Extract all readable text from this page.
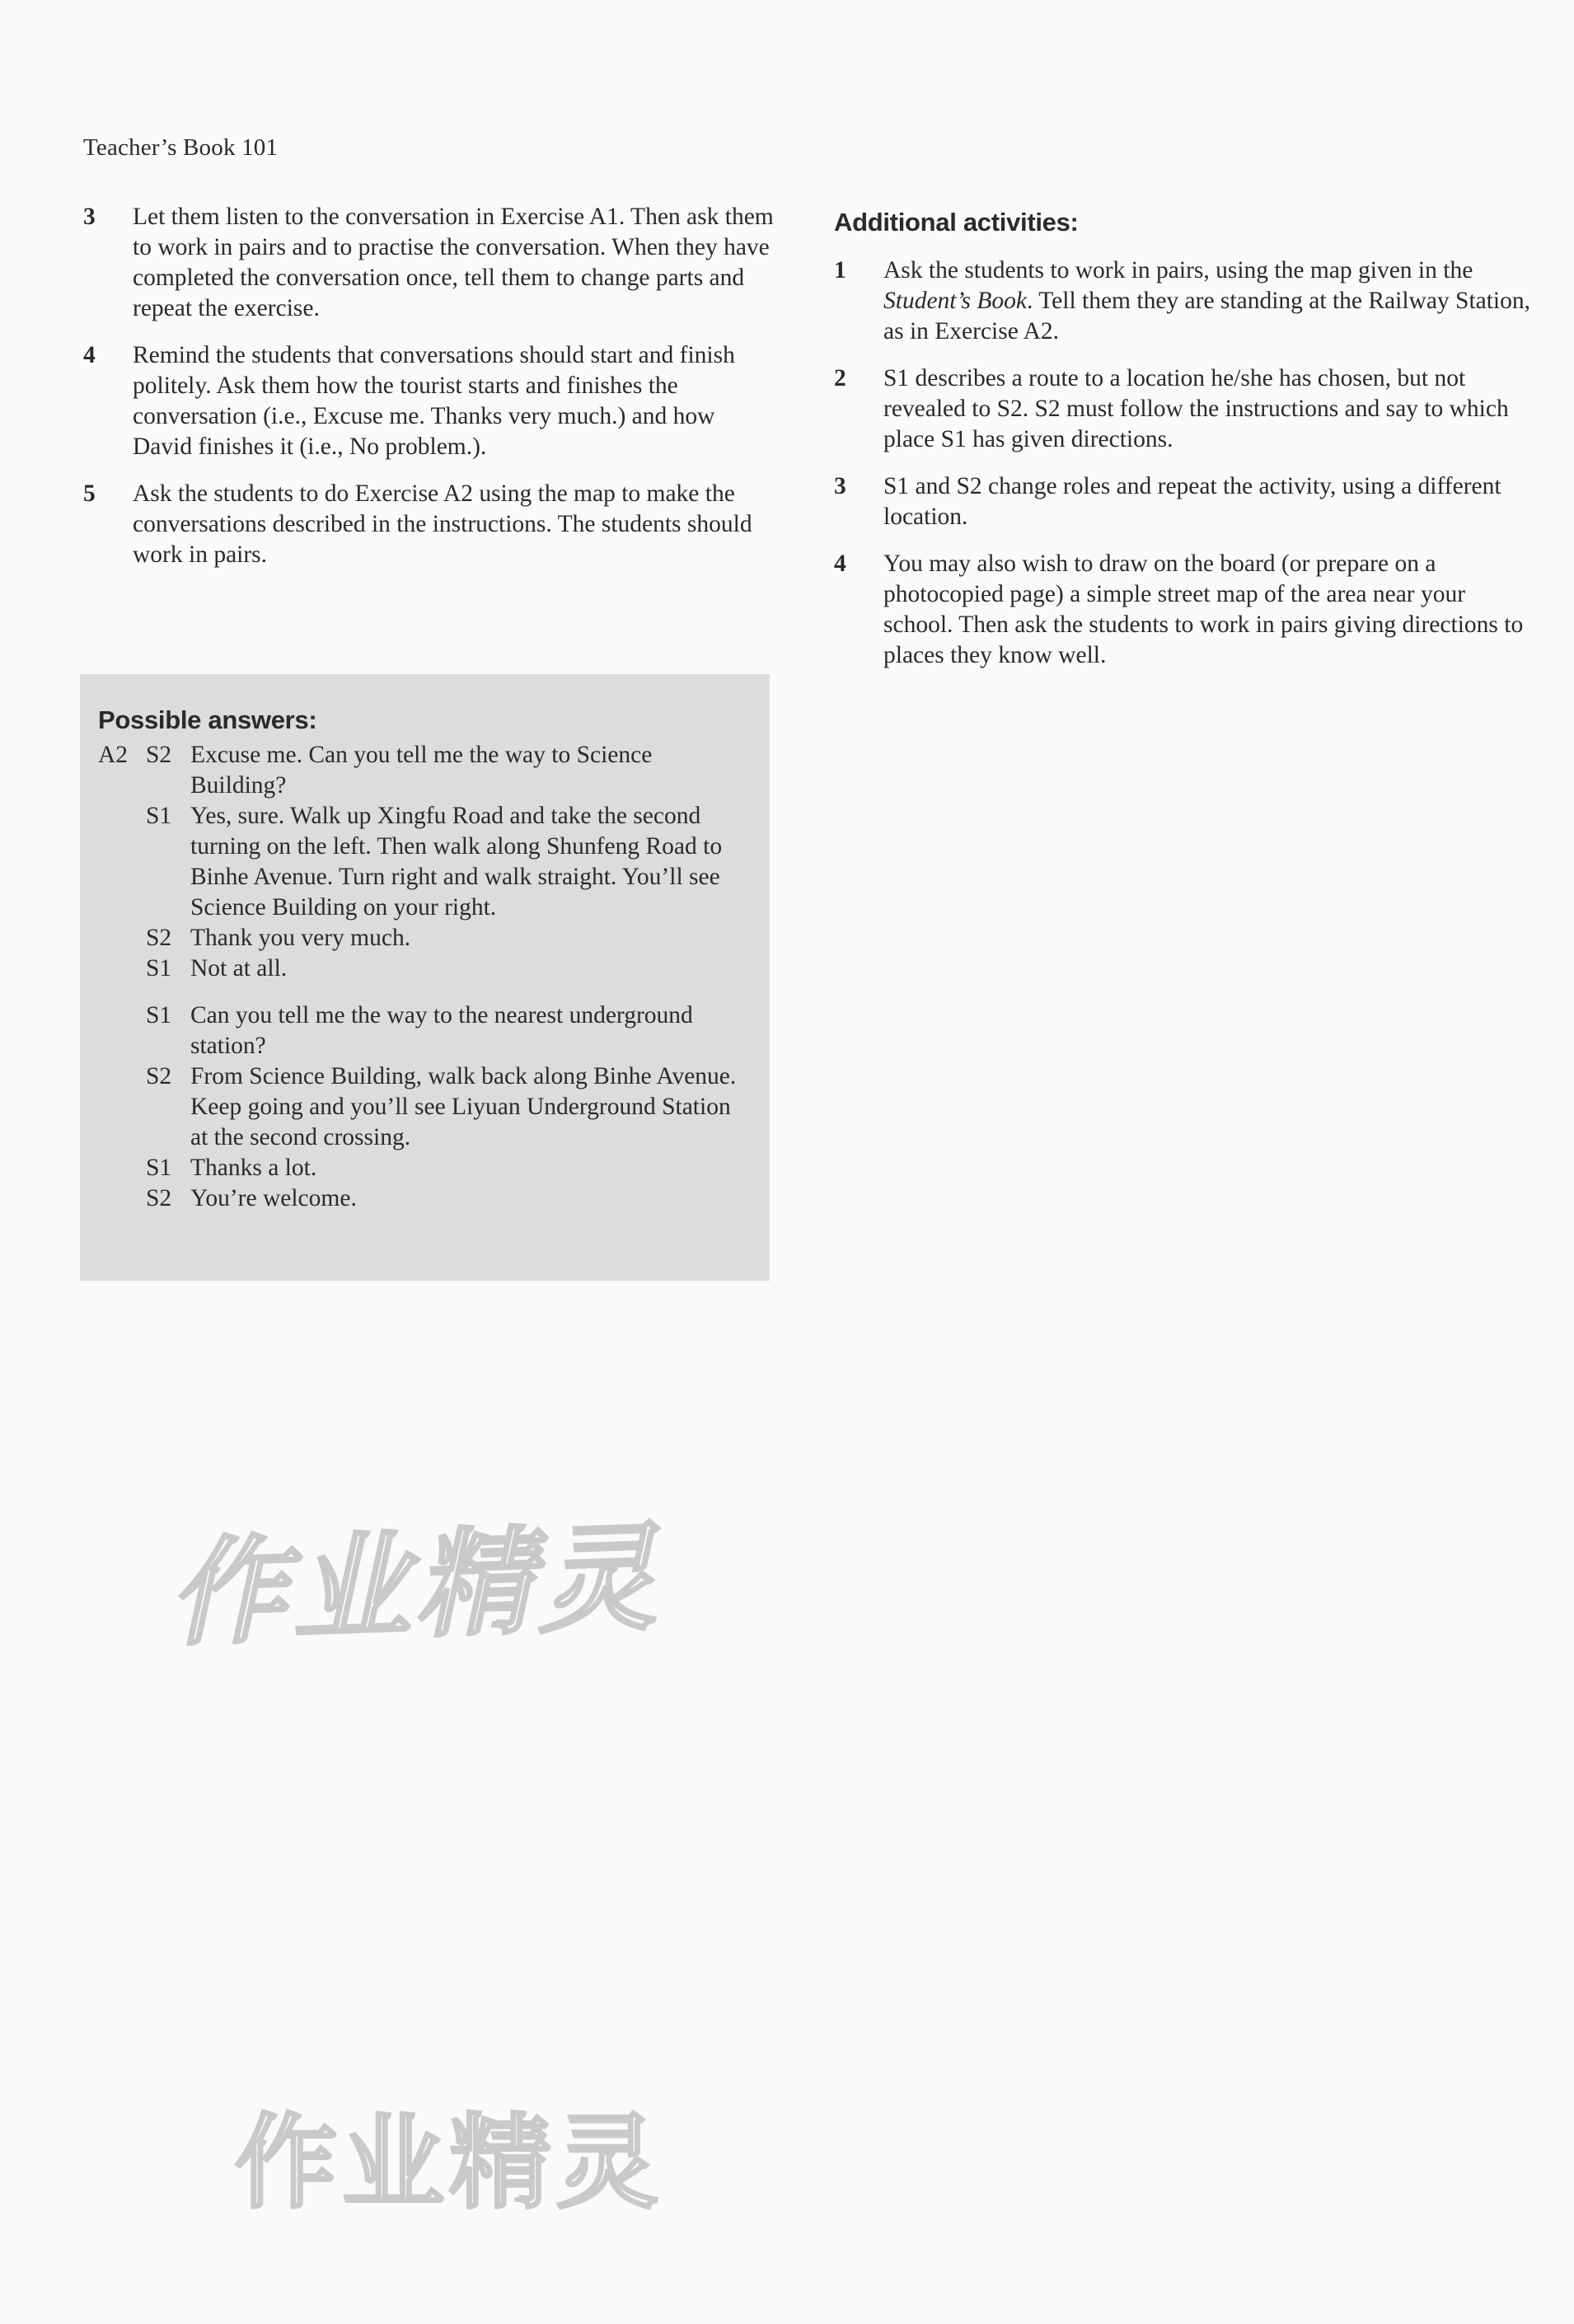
Teacher’s Book 101
3	Let them listen to the conversation in Exercise A1. Then ask them to work in pairs and to practise the conversation. When they have completed the conversation once, tell them to change parts and repeat the exercise.
4	Remind the students that conversations should start and finish politely. Ask them how the tourist starts and finishes the conversation (i.e., Excuse me. Thanks very much.) and how David finishes it (i.e., No problem.).
5	Ask the students to do Exercise A2 using the map to make the conversations described in the instructions. The students should work in pairs.
Possible answers:
A2 S2 Excuse me. Can you tell me the way to Science Building?
S1 Yes, sure. Walk up Xingfu Road and take the second turning on the left. Then walk along Shunfeng Road to Binhe Avenue. Turn right and walk straight. You’ll see Science Building on your right.
S2 Thank you very much.
S1 Not at all.
S1 Can you tell me the way to the nearest underground station?
S2 From Science Building, walk back along Binhe Avenue. Keep going and you’ll see Liyuan Underground Station at the second crossing.
S1 Thanks a lot.
S2 You’re welcome.
Additional activities:
1	Ask the students to work in pairs, using the map given in the Student’s Book. Tell them they are standing at the Railway Station, as in Exercise A2.
2	S1 describes a route to a location he/she has chosen, but not revealed to S2. S2 must follow the instructions and say to which place S1 has given directions.
3	S1 and S2 change roles and repeat the activity, using a different location.
4	You may also wish to draw on the board (or prepare on a photocopied page) a simple street map of the area near your school. Then ask the students to work in pairs giving directions to places they know well.
作业精灵
作业精灵
